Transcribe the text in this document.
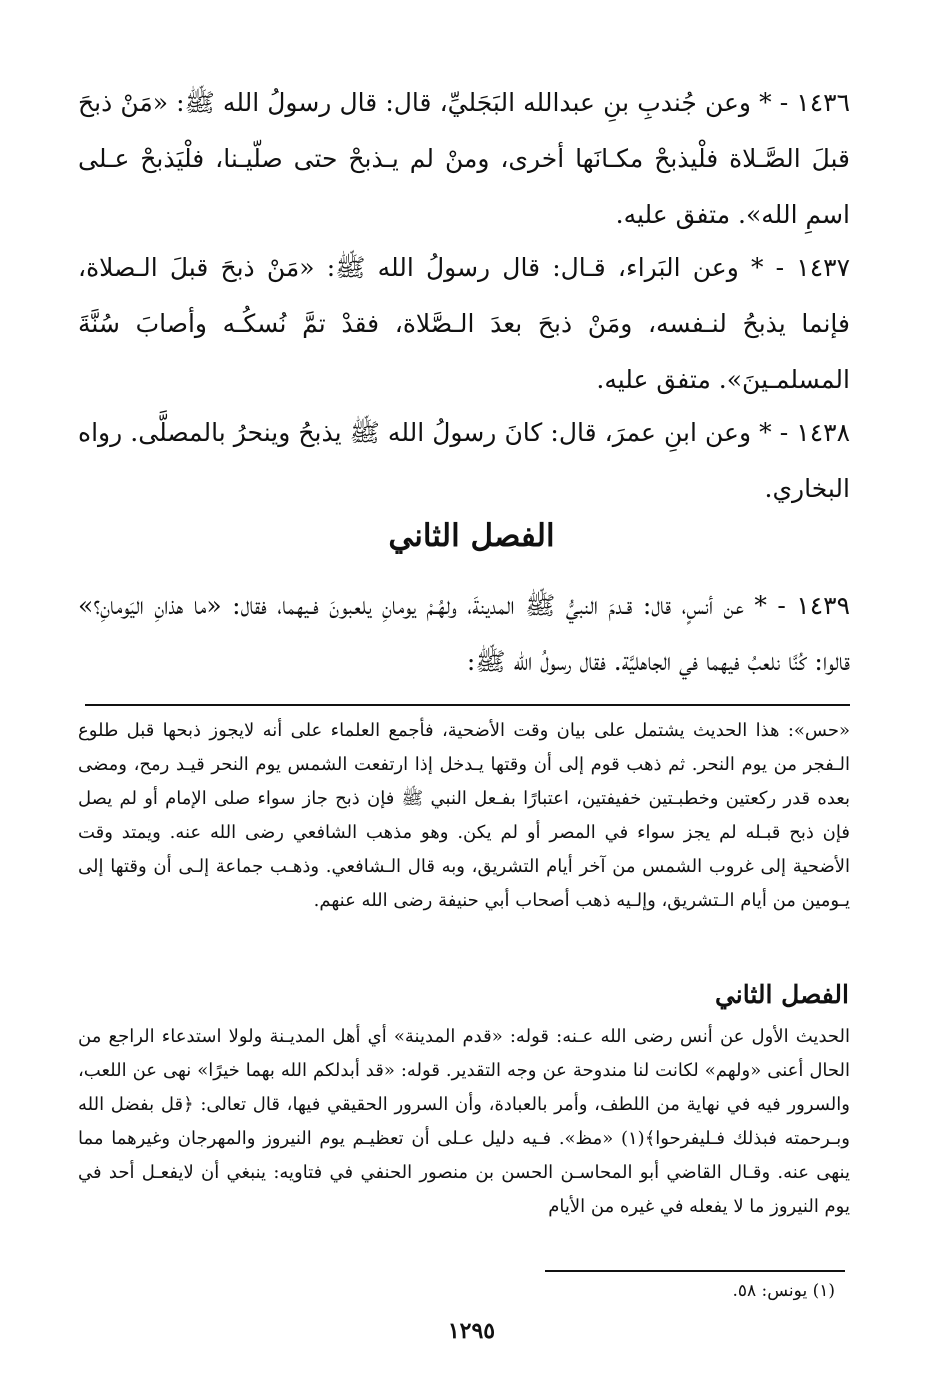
١٤٣٦ - * وعن جُندبِ بنِ عبدالله البَجَليِّ، قال: قال رسولُ الله ﷺ: «مَنْ ذبحَ قبلَ الصَّـلاة فلْيذبحْ مكـانَها أخرى، ومنْ لم يـذبحْ حتى صلّيـنا، فلْيَذبحْ عـلى اسمِ الله». متفق عليه.

١٤٣٧ - * وعن البَراء، قـال: قال رسولُ الله ﷺ: «مَنْ ذبحَ قبلَ الـصلاة، فإنما يذبحُ لنـفسه، ومَنْ ذبحَ بعدَ الـصَّلاة، فقدْ تمَّ نُسكُـه وأصابَ سُنَّةَ المسلمـينَ». متفق عليه.

١٤٣٨ - * وعن ابنِ عمرَ، قال: كانَ رسولُ الله ﷺ يذبحُ وينحرُ بالمصلَّى. رواه البخاري.

الفصل الثاني

١٤٣٩ - * عن أنسٍ، قال: قـدمَ النبيُّ ﷺ المدينةَ، ولهُـمْ يومانِ يلعبونَ فـيهما، فقال: «ما هذانِ اليَومانِ؟» قالوا: كُنَّا نلعبُ فيهما في الجاهليَّة. فقال رسولُ الله ﷺ:

«حس»: هذا الحديث يشتمل على بيان وقت الأضحية، فأجمع العلماء على أنه لايجوز ذبحها قبل طلوع الـفجر من يوم النحر. ثم ذهب قوم إلى أن وقتها يـدخل إذا ارتفعت الشمس يوم النحر قيـد رمح، ومضى بعده قدر ركعتين وخطبـتين خفيفتين، اعتبارًا بفـعل النبي ﷺ فإن ذبح جاز سواء صلى الإمام أو لم يصل فإن ذبح قبـله لم يجز سواء في المصر أو لم يكن. وهو مذهب الشافعي رضى الله عنه. ويمتد وقت الأضحية إلى غروب الشمس من آخر أيام التشريق، وبه قال الـشافعي. وذهـب جماعة إلـى أن وقتها إلى يـومين من أيام الـتشريق، وإلـيه ذهب أصحاب أبي حنيفة رضى الله عنهم.

الفصل الثاني

الحديث الأول عن أنس رضى الله عـنه: قوله: «قدم المدينة» أي أهل المديـنة ولولا استدعاء الراجع من الحال أعنى «ولهم» لكانت لنا مندوحة عن وجه التقدير. قوله: «قد أبدلكم الله بهما خيرًا» نهى عن اللعب، والسرور فيه في نهاية من اللطف، وأمر بالعبادة، وأن السرور الحقيقي فيها، قال تعالى: ﴿قل بفضل الله وبـرحمته فبذلك فـليفرحوا﴾(١) «مظ». فـيه دليل عـلى أن تعظيـم يوم النيروز والمهرجان وغيرهما مما ينهى عنه. وقـال القاضي أبو المحاسـن الحسن بن منصور الحنفي في فتاويه: ينبغي أن لايفعـل أحد في يوم النيروز ما لا يفعله في غيره من الأيام

(١) يونس: ٥٨.

١٢٩٥
